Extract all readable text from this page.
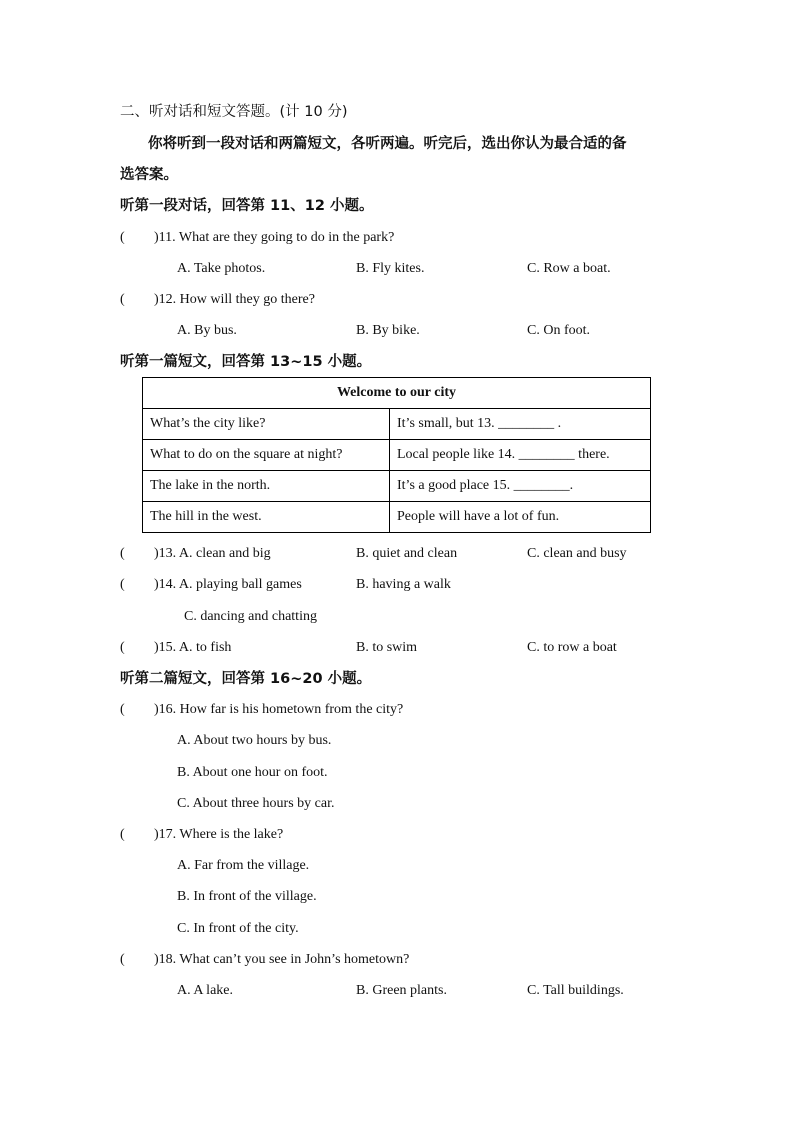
二、听对话和短文答题。(计 10 分)
你将听到一段对话和两篇短文，各听两遍。听完后，选出你认为最合适的备
选答案。
听第一段对话，回答第 11、12 小题。
( )11. What are they going to do in the park?
A. Take photos.	B. Fly kites.	C. Row a boat.
( )12. How will they go there?
A. By bus.	B. By bike.	C. On foot.
听第一篇短文，回答第 13~15 小题。
Welcome to our city	
What’s the city like?	It’s small, but 13. ________ .
What to do on the square at night?	Local people like 14. ________ there.
The lake in the north.	It’s a good place 15. ________.
The hill in the west.	People will have a lot of fun.
( )13. A. clean and big	B. quiet and clean	C. clean and busy
( )14. A. playing ball games	B. having a walk
C. dancing and chatting
( )15. A. to fish	B. to swim	C. to row a boat
听第二篇短文，回答第 16~20 小题。
( )16. How far is his hometown from the city?
A. About two hours by bus.
B. About one hour on foot.
C. About three hours by car.
( )17. Where is the lake?
A. Far from the village.
B. In front of the village.
C. In front of the city.
( )18. What can’t you see in John’s hometown?
A. A lake.	B. Green plants.	C. Tall buildings.
